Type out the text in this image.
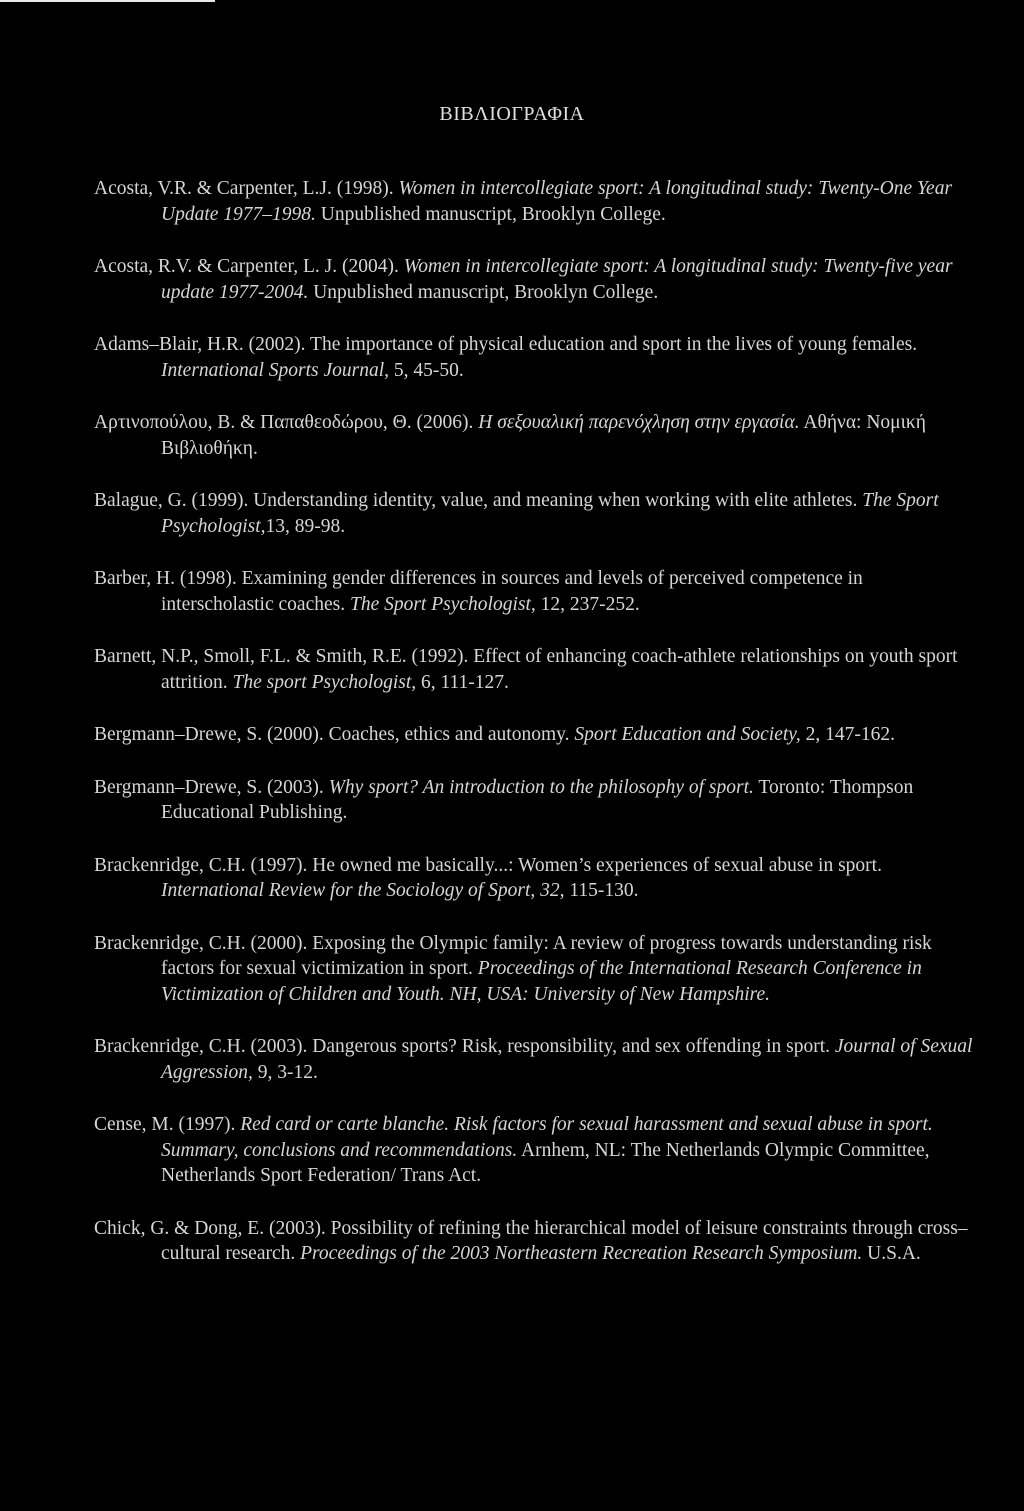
ΒΙΒΛΙΟΓΡΑΦΙΑ

Acosta, V.R. & Carpenter, L.J. (1998). Women in intercollegiate sport: A longitudinal study: Twenty-One Year Update 1977–1998. Unpublished manuscript, Brooklyn College.

Acosta, R.V. & Carpenter, L. J. (2004). Women in intercollegiate sport: A longitudinal study: Twenty-five year update 1977-2004. Unpublished manuscript, Brooklyn College.

Adams–Blair, H.R. (2002). The importance of physical education and sport in the lives of young females. International Sports Journal, 5, 45-50.

Αρτινοπούλου, Β. & Παπαθεοδώρου, Θ. (2006). Η σεξουαλική παρενόχληση στην εργασία. Αθήνα: Νομική Βιβλιοθήκη.

Balague, G. (1999). Understanding identity, value, and meaning when working with elite athletes. The Sport Psychologist,13, 89-98.

Barber, H. (1998). Examining gender differences in sources and levels of perceived competence in interscholastic coaches. The Sport Psychologist, 12, 237-252.

Barnett, N.P., Smoll, F.L. & Smith, R.E. (1992). Effect of enhancing coach-athlete relationships on youth sport attrition. The sport Psychologist, 6, 111-127.

Bergmann–Drewe, S. (2000). Coaches, ethics and autonomy. Sport Education and Society, 2, 147-162.

Bergmann–Drewe, S. (2003). Why sport? An introduction to the philosophy of sport. Toronto: Thompson Educational Publishing.

Brackenridge, C.H. (1997). He owned me basically...: Women’s experiences of sexual abuse in sport. International Review for the Sociology of Sport, 32, 115-130.

Brackenridge, C.H. (2000). Exposing the Olympic family: A review of progress towards understanding risk factors for sexual victimization in sport. Proceedings of the International Research Conference in Victimization of Children and Youth. NH, USA: University of New Hampshire.

Brackenridge, C.H. (2003). Dangerous sports? Risk, responsibility, and sex offending in sport. Journal of Sexual Aggression, 9, 3-12.

Cense, M. (1997). Red card or carte blanche. Risk factors for sexual harassment and sexual abuse in sport. Summary, conclusions and recommendations. Arnhem, NL: The Netherlands Olympic Committee, Netherlands Sport Federation/ Trans Act.

Chick, G. & Dong, E. (2003). Possibility of refining the hierarchical model of leisure constraints through cross– cultural research. Proceedings of the 2003 Northeastern Recreation Research Symposium. U.S.A.
